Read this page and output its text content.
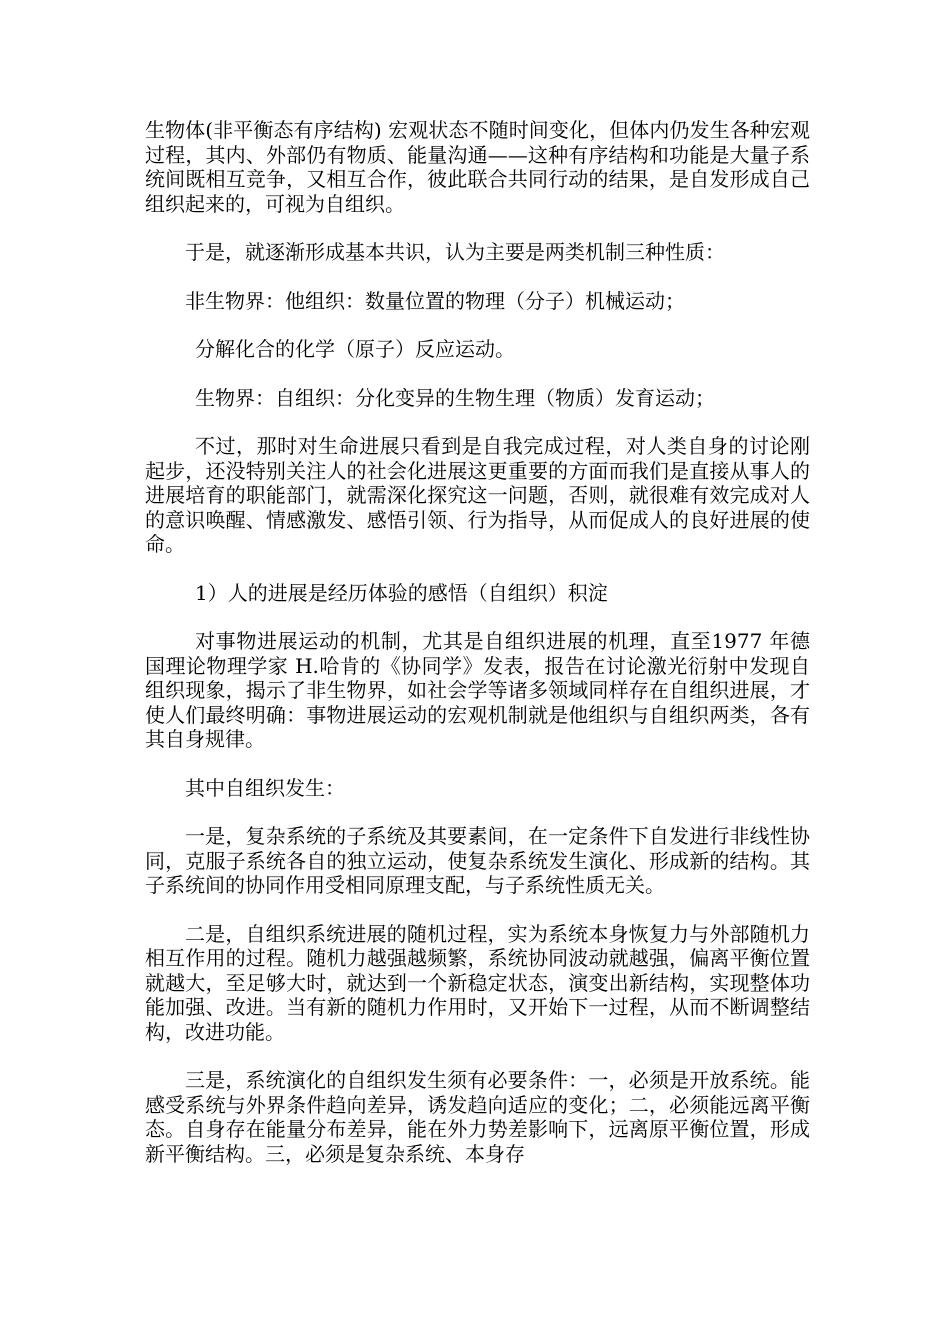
生物体(非平衡态有序结构) 宏观状态不随时间变化，但体内仍发生各种宏观过程，其内、外部仍有物质、能量沟通——这种有序结构和功能是大量子系统间既相互竞争，又相互合作，彼此联合共同行动的结果，是自发形成自己组织起来的，可视为自组织。

于是，就逐渐形成基本共识，认为主要是两类机制三种性质：

非生物界：他组织：数量位置的物理（分子）机械运动；

分解化合的化学（原子）反应运动。

生物界：自组织：分化变异的生物生理（物质）发育运动；

不过，那时对生命进展只看到是自我完成过程，对人类自身的讨论刚起步，还没特别关注人的社会化进展这更重要的方面而我们是直接从事人的进展培育的职能部门，就需深化探究这一问题，否则，就很难有效完成对人的意识唤醒、情感激发、感悟引领、行为指导，从而促成人的良好进展的使命。

1）人的进展是经历体验的感悟（自组织）积淀

对事物进展运动的机制，尤其是自组织进展的机理，直至1977 年德国理论物理学家 H.哈肯的《协同学》发表，报告在讨论激光衍射中发现自组织现象，揭示了非生物界，如社会学等诸多领域同样存在自组织进展，才使人们最终明确：事物进展运动的宏观机制就是他组织与自组织两类，各有其自身规律。

其中自组织发生：

一是，复杂系统的子系统及其要素间，在一定条件下自发进行非线性协同，克服子系统各自的独立运动，使复杂系统发生演化、形成新的结构。其子系统间的协同作用受相同原理支配，与子系统性质无关。

二是，自组织系统进展的随机过程，实为系统本身恢复力与外部随机力相互作用的过程。随机力越强越频繁，系统协同波动就越强，偏离平衡位置就越大，至足够大时，就达到一个新稳定状态，演变出新结构，实现整体功能加强、改进。当有新的随机力作用时，又开始下一过程，从而不断调整结构，改进功能。

三是，系统演化的自组织发生须有必要条件：一，必须是开放系统。能感受系统与外界条件趋向差异，诱发趋向适应的变化；二，必须能远离平衡态。自身存在能量分布差异，能在外力势差影响下，远离原平衡位置，形成新平衡结构。三，必须是复杂系统、本身存
